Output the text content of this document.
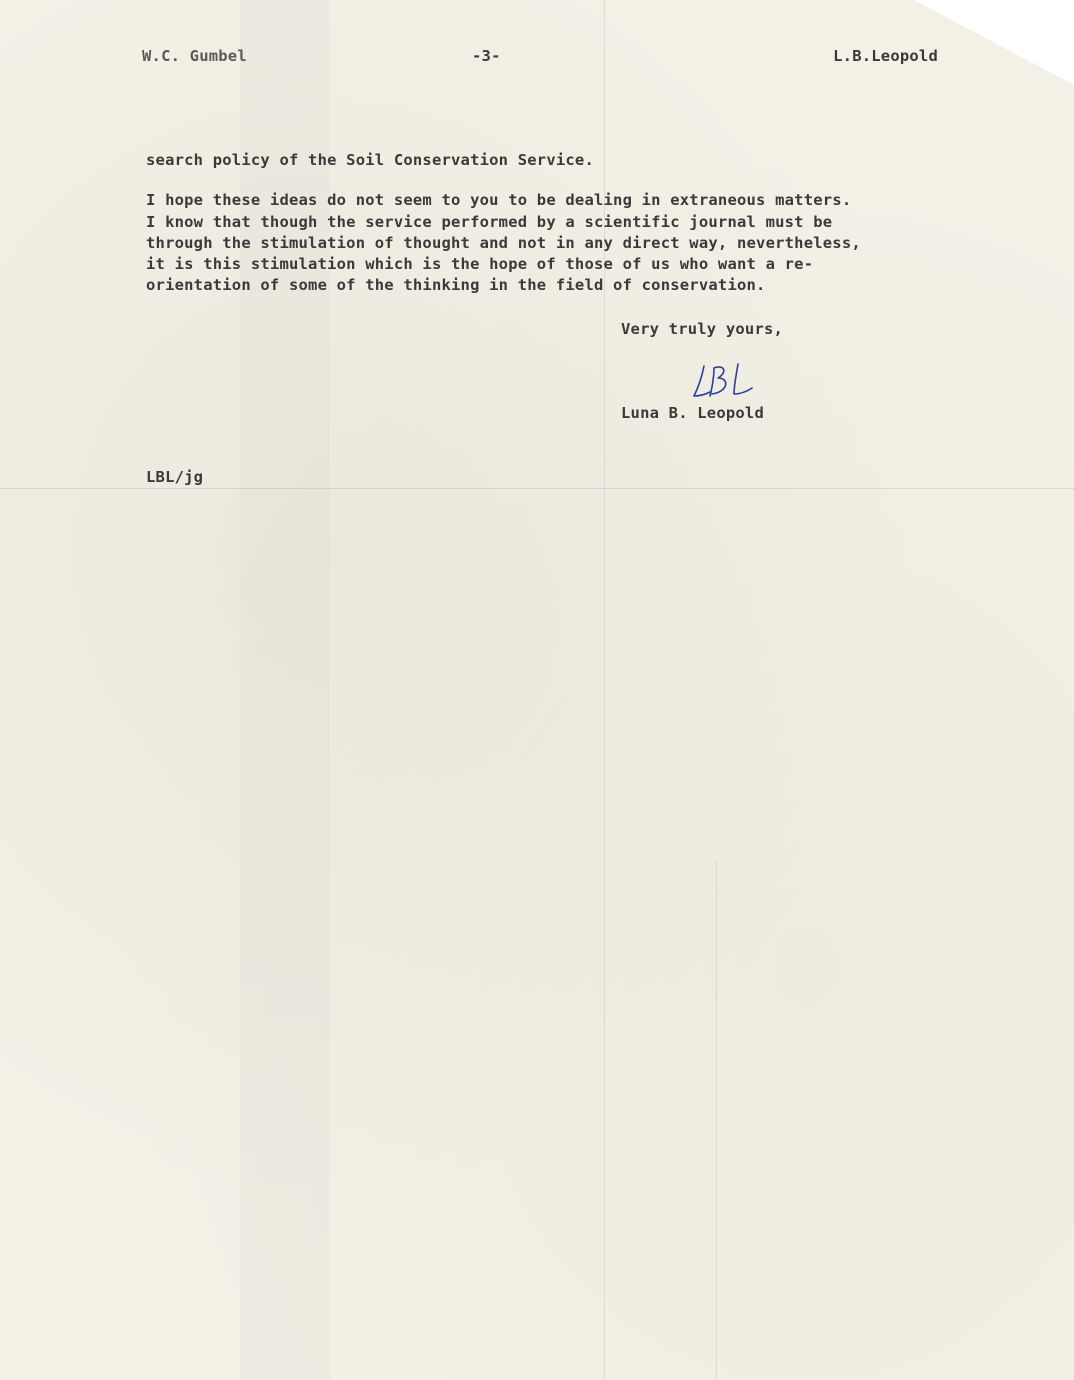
W.C. Gumbel	-3-	L.B.Leopold
search policy of the Soil Conservation Service.
I hope these ideas do not seem to you to be dealing in extraneous matters.
I know that though the service performed by a scientific journal must be
through the stimulation of thought and not in any direct way, nevertheless,
it is this stimulation which is the hope of those of us who want a re-
orientation of some of the thinking in the field of conservation.
Very truly yours,
Luna B. Leopold
LBL/jg
